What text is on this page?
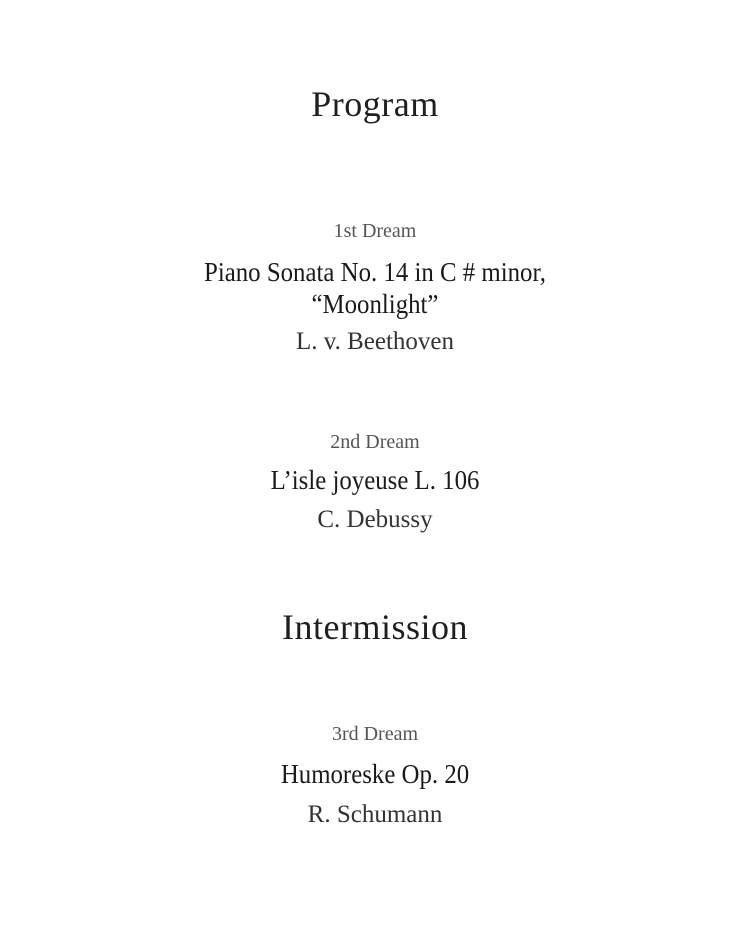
Program
1st Dream
Piano Sonata No. 14 in C # minor,
“Moonlight”
L. v. Beethoven
2nd Dream
L’isle joyeuse L. 106
C. Debussy
Intermission
3rd Dream
Humoreske Op. 20
R. Schumann
